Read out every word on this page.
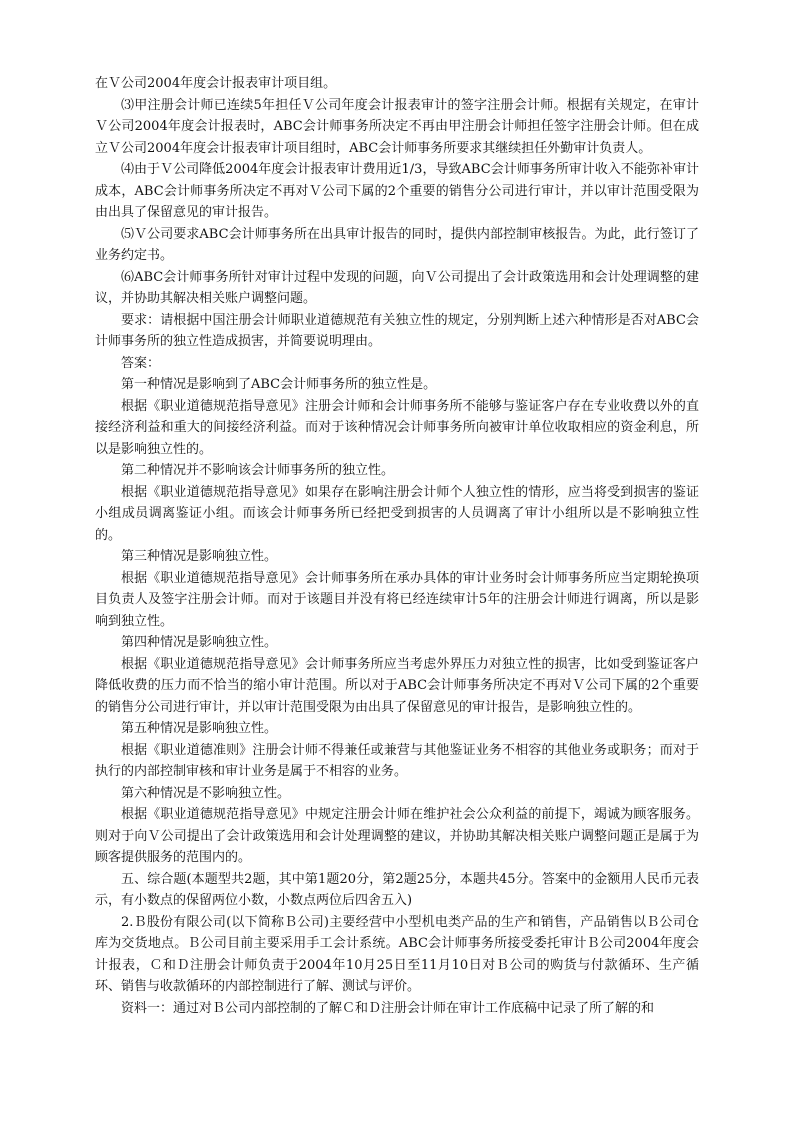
在Ｖ公司2004年度会计报表审计项目组。

⑶甲注册会计师已连续5年担任Ｖ公司年度会计报表审计的签字注册会计师。根据有关规定，在审计Ｖ公司2004年度会计报表时，ABC会计师事务所决定不再由甲注册会计师担任签字注册会计师。但在成立Ｖ公司2004年度会计报表审计项目组时，ABC会计师事务所要求其继续担任外勤审计负责人。

⑷由于Ｖ公司降低2004年度会计报表审计费用近1/3，导致ABC会计师事务所审计收入不能弥补审计成本，ABC会计师事务所决定不再对Ｖ公司下属的2个重要的销售分公司进行审计，并以审计范围受限为由出具了保留意见的审计报告。

⑸Ｖ公司要求ABC会计师事务所在出具审计报告的同时，提供内部控制审核报告。为此，此行签订了业务约定书。

⑹ABC会计师事务所针对审计过程中发现的问题，向Ｖ公司提出了会计政策选用和会计处理调整的建议，并协助其解决相关账户调整问题。

要求：请根据中国注册会计师职业道德规范有关独立性的规定，分别判断上述六种情形是否对ABC会计师事务所的独立性造成损害，并简要说明理由。

答案：

第一种情况是影响到了ABC会计师事务所的独立性是。

根据《职业道德规范指导意见》注册会计师和会计师事务所不能够与鉴证客户存在专业收费以外的直接经济利益和重大的间接经济利益。而对于该种情况会计师事务所向被审计单位收取相应的资金利息，所以是影响独立性的。

第二种情况并不影响该会计师事务所的独立性。

根据《职业道德规范指导意见》如果存在影响注册会计师个人独立性的情形，应当将受到损害的鉴证小组成员调离鉴证小组。而该会计师事务所已经把受到损害的人员调离了审计小组所以是不影响独立性的。

第三种情况是影响独立性。

根据《职业道德规范指导意见》会计师事务所在承办具体的审计业务时会计师事务所应当定期轮换项目负责人及签字注册会计师。而对于该题目并没有将已经连续审计5年的注册会计师进行调离，所以是影响到独立性。

第四种情况是影响独立性。

根据《职业道德规范指导意见》会计师事务所应当考虑外界压力对独立性的损害，比如受到鉴证客户降低收费的压力而不恰当的缩小审计范围。所以对于ABC会计师事务所决定不再对Ｖ公司下属的2个重要的销售分公司进行审计，并以审计范围受限为由出具了保留意见的审计报告，是影响独立性的。

第五种情况是影响独立性。

根据《职业道德准则》注册会计师不得兼任或兼营与其他鉴证业务不相容的其他业务或职务；而对于执行的内部控制审核和审计业务是属于不相容的业务。

第六种情况是不影响独立性。

根据《职业道德规范指导意见》中规定注册会计师在维护社会公众利益的前提下，竭诚为顾客服务。则对于向Ｖ公司提出了会计政策选用和会计处理调整的建议，并协助其解决相关账户调整问题正是属于为顾客提供服务的范围内的。

五、综合题(本题型共2题，其中第1题20分，第2题25分，本题共45分。答案中的金额用人民币元表示，有小数点的保留两位小数，小数点两位后四舍五入)

2.Ｂ股份有限公司(以下简称Ｂ公司)主要经营中小型机电类产品的生产和销售，产品销售以Ｂ公司仓库为交货地点。Ｂ公司目前主要采用手工会计系统。ABC会计师事务所接受委托审计Ｂ公司2004年度会计报表，Ｃ和Ｄ注册会计师负责于2004年10月25日至11月10日对Ｂ公司的购货与付款循环、生产循环、销售与收款循环的内部控制进行了解、测试与评价。

资料一：通过对Ｂ公司内部控制的了解Ｃ和Ｄ注册会计师在审计工作底稿中记录了所了解的和
